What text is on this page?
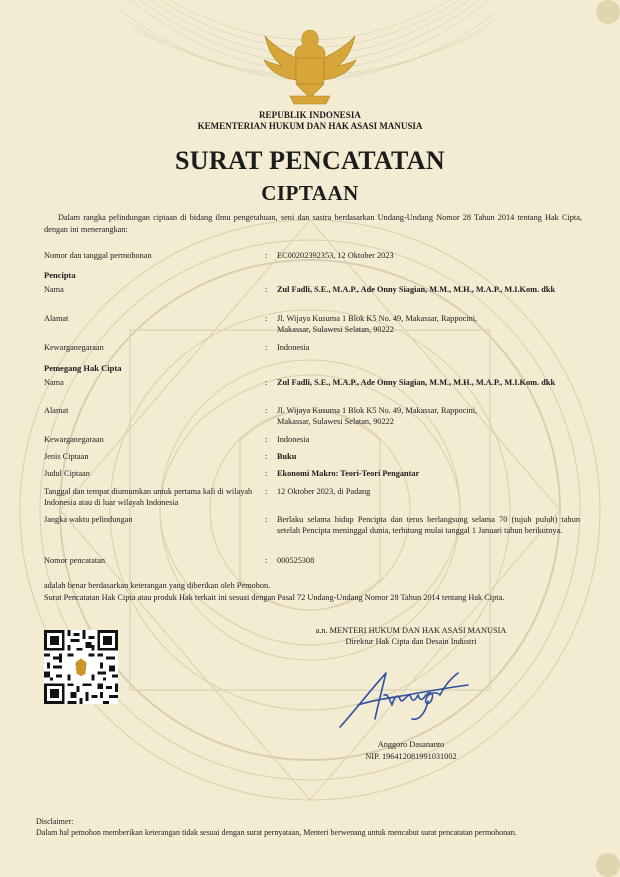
REPUBLIK INDONESIA
KEMENTERIAN HUKUM DAN HAK ASASI MANUSIA
SURAT PENCATATAN
CIPTAAN
Dalam rangka pelindungan ciptaan di bidang ilmu pengetahuan, seni dan sastra berdasarkan Undang-Undang Nomor 28 Tahun 2014 tentang Hak Cipta, dengan ini menerangkan:
Nomor dan tanggal permohonan	:	EC00202392353, 12 Oktober 2023
Pencipta
Nama	:	Zul Fadli, S.E., M.A.P., Ade Onny Siagian, M.M., M.H., M.A.P., M.I.Kom. dkk
Alamat	:	Jl. Wijaya Kusuma 1 Blok K5 No. 49, Makassar, Rappocini, Makassar, Sulawesi Selatan, 90222
Kewarganegaraan	:	Indonesia
Pemegang Hak Cipta
Nama	:	Zul Fadli, S.E., M.A.P., Ade Onny Siagian, M.M., M.H., M.A.P., M.I.Kom. dkk
Alamat	:	Jl. Wijaya Kusuma 1 Blok K5 No. 49, Makassar, Rappocini, Makassar, Sulawesi Selatan, 90222
Kewarganegaraan	:	Indonesia
Jenis Ciptaan	:	Buku
Judul Ciptaan	:	Ekonomi Makro: Teori-Teori Pengantar
Tanggal dan tempat diumumkan untuk pertama kali di wilayah Indonesia atau di luar wilayah Indonesia
:	12 Oktober 2023, di Padang
Jangka waktu pelindungan	:	Berlaku selama hidup Pencipta dan terus berlangsung selama 70 (tujuh puluh) tahun setelah Pencipta meninggal dunia, terhitung mulai tanggal 1 Januari tahun berikutnya.
Nomor pencatatan	:	000525308
adalah benar berdasarkan keterangan yang diberikan oleh Pemohon.
Surat Pencatatan Hak Cipta atau produk Hak terkait ini sesuai dengan Pasal 72 Undang-Undang Nomor 28 Tahun 2014 tentang Hak Cipta.
a.n. MENTERI HUKUM DAN HAK ASASI MANUSIA
Direktur Hak Cipta dan Desain Industri
Anggoro Dasananto
NIP. 196412081991031002
Disclaimer:
Dalam hal pemohon memberikan keterangan tidak sesuai dengan surat pernyataan, Menteri berwenang untuk mencabut surat pencatatan permohonan.
